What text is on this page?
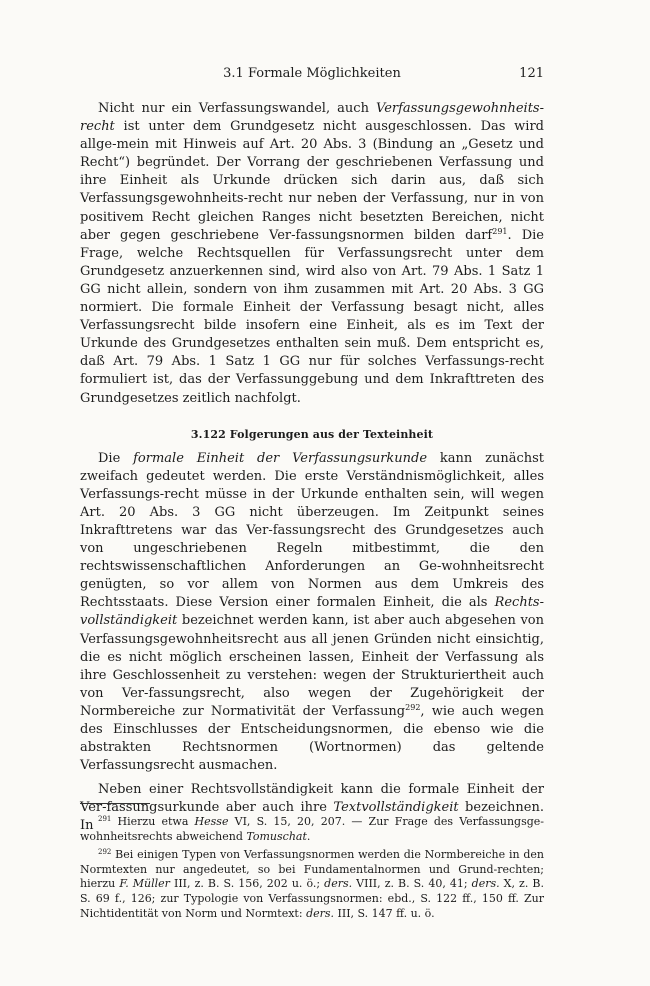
3.1 Formale Möglichkeiten	121

Nicht nur ein Verfassungswandel, auch Verfassungsgewohnheits-recht ist unter dem Grundgesetz nicht ausgeschlossen. Das wird allge-mein mit Hinweis auf Art. 20 Abs. 3 (Bindung an „Gesetz und Recht“) begründet. Der Vorrang der geschriebenen Verfassung und ihre Einheit als Urkunde drücken sich darin aus, daß sich Verfassungsgewohnheits-recht nur neben der Verfassung, nur in von positivem Recht gleichen Ranges nicht besetzten Bereichen, nicht aber gegen geschriebene Ver-fassungsnormen bilden darf$^{291}$. Die Frage, welche Rechtsquellen für Verfassungsrecht unter dem Grundgesetz anzuerkennen sind, wird also von Art. 79 Abs. 1 Satz 1 GG nicht allein, sondern von ihm zusammen mit Art. 20 Abs. 3 GG normiert. Die formale Einheit der Verfassung besagt nicht, alles Verfassungsrecht bilde insofern eine Einheit, als es im Text der Urkunde des Grundgesetzes enthalten sein muß. Dem entspricht es, daß Art. 79 Abs. 1 Satz 1 GG nur für solches Verfassungs-recht formuliert ist, das der Verfassunggebung und dem Inkrafttreten des Grundgesetzes zeitlich nachfolgt.

3.122 Folgerungen aus der Texteinheit

Die formale Einheit der Verfassungsurkunde kann zunächst zweifach gedeutet werden. Die erste Verständnismöglichkeit, alles Verfassungs-recht müsse in der Urkunde enthalten sein, will wegen Art. 20 Abs. 3 GG nicht überzeugen. Im Zeitpunkt seines Inkrafttretens war das Ver-fassungsrecht des Grundgesetzes auch von ungeschriebenen Regeln mitbestimmt, die den rechtswissenschaftlichen Anforderungen an Ge-wohnheitsrecht genügten, so vor allem von Normen aus dem Umkreis des Rechtsstaats. Diese Version einer formalen Einheit, die als Rechts-vollständigkeit bezeichnet werden kann, ist aber auch abgesehen von Verfassungsgewohnheitsrecht aus all jenen Gründen nicht einsichtig, die es nicht möglich erscheinen lassen, Einheit der Verfassung als ihre Geschlossenheit zu verstehen: wegen der Strukturiertheit auch von Ver-fassungsrecht, also wegen der Zugehörigkeit der Normbereiche zur Normativität der Verfassung$^{292}$, wie auch wegen des Einschlusses der Entscheidungsnormen, die ebenso wie die abstrakten Rechtsnormen (Wortnormen) das geltende Verfassungsrecht ausmachen.

Neben einer Rechtsvollständigkeit kann die formale Einheit der Ver-fassungsurkunde aber auch ihre Textvollständigkeit bezeichnen. In $^{291}$ Hierzu etwa Hesse VI, S. 15, 20, 207. — Zur Frage des Verfassungsge-wohnheitsrechts abweichend Tomuschat.

$^{292}$ Bei einigen Typen von Verfassungsnormen werden die Normbereiche in den Normtexten nur angedeutet, so bei Fundamentalnormen und Grund-rechten; hierzu F. Müller III, z. B. S. 156, 202 u. ö.; ders. VIII, z. B. S. 40, 41; ders. X, z. B. S. 69 f., 126; zur Typologie von Verfassungsnormen: ebd., S. 122 ff., 150 ff. Zur Nichtidentität von Norm und Normtext: ders. III, S. 147 ff. u. ö.
